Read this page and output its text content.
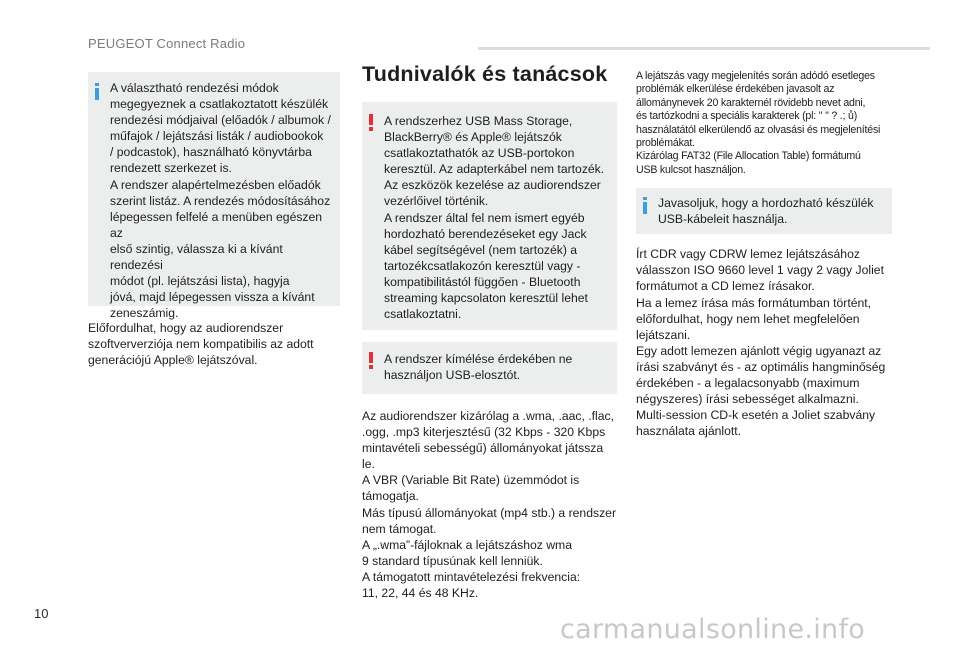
PEUGEOT Connect Radio
A választható rendezési módok
megegyeznek a csatlakoztatott készülék
rendezési módjaival (előadók / albumok /
műfajok / lejátszási listák / audiobookok
/ podcastok), használható könyvtárba
rendezett szerkezet is.
A rendszer alapértelmezésben előadók
szerint listáz. A rendezés módosításához
lépegessen felfelé a menüben egészen az
első szintig, válassza ki a kívánt rendezési
módot (pl. lejátszási lista), hagyja
jóvá, majd lépegessen vissza a kívánt
zeneszámig.
Előfordulhat, hogy az audiorendszer
szoftververziója nem kompatibilis az adott
generációjú Apple® lejátszóval.
Tudnivalók és tanácsok
A rendszerhez USB Mass Storage,
BlackBerry® és Apple® lejátszók
csatlakoztathatók az USB-portokon
keresztül. Az adapterkábel nem tartozék.
Az eszközök kezelése az audiorendszer
vezérlőivel történik.
A rendszer által fel nem ismert egyéb
hordozható berendezéseket egy Jack
kábel segítségével (nem tartozék) a
tartozékcsatlakozón keresztül vagy -
kompatibilitástól függően - Bluetooth
streaming kapcsolaton keresztül lehet
csatlakoztatni.
A rendszer kímélése érdekében ne
használjon USB-elosztót.
Az audiorendszer kizárólag a .wma, .aac, .flac,
.ogg, .mp3 kiterjesztésű (32 Kbps - 320 Kbps
mintavételi sebességű) állományokat játssza le.
A VBR (Variable Bit Rate) üzemmódot is
támogatja.
Más típusú állományokat (mp4 stb.) a rendszer
nem támogat.
A „.wma”-fájloknak a lejátszáshoz wma
9 standard típusúnak kell lenniük.
A támogatott mintavételezési frekvencia:
11, 22, 44 és 48 KHz.
A lejátszás vagy megjelenítés során adódó esetleges
problémák elkerülése érdekében javasolt az
állománynevek 20 karakternél rövidebb nevet adni,
és tartózkodni a speciális karakterek (pl: " " ? .; ů)
használatától elkerülendő az olvasási és megjelenítési
problémákat.
Kizárólag FAT32 (File Allocation Table) formátumú
USB kulcsot használjon.
Javasoljuk, hogy a hordozható készülék
USB-kábeleit használja.
Írt CDR vagy CDRW lemez lejátszásához
válasszon ISO 9660 level 1 vagy 2 vagy Joliet
formátumot a CD lemez írásakor.
Ha a lemez írása más formátumban történt,
előfordulhat, hogy nem lehet megfelelően
lejátszani.
Egy adott lemezen ajánlott végig ugyanazt az
írási szabványt és - az optimális hangminőség
érdekében - a legalacsonyabb (maximum
négyszeres) írási sebességet alkalmazni.
Multi-session CD-k esetén a Joliet szabvány
használata ajánlott.
10
carmanualsonline.info
